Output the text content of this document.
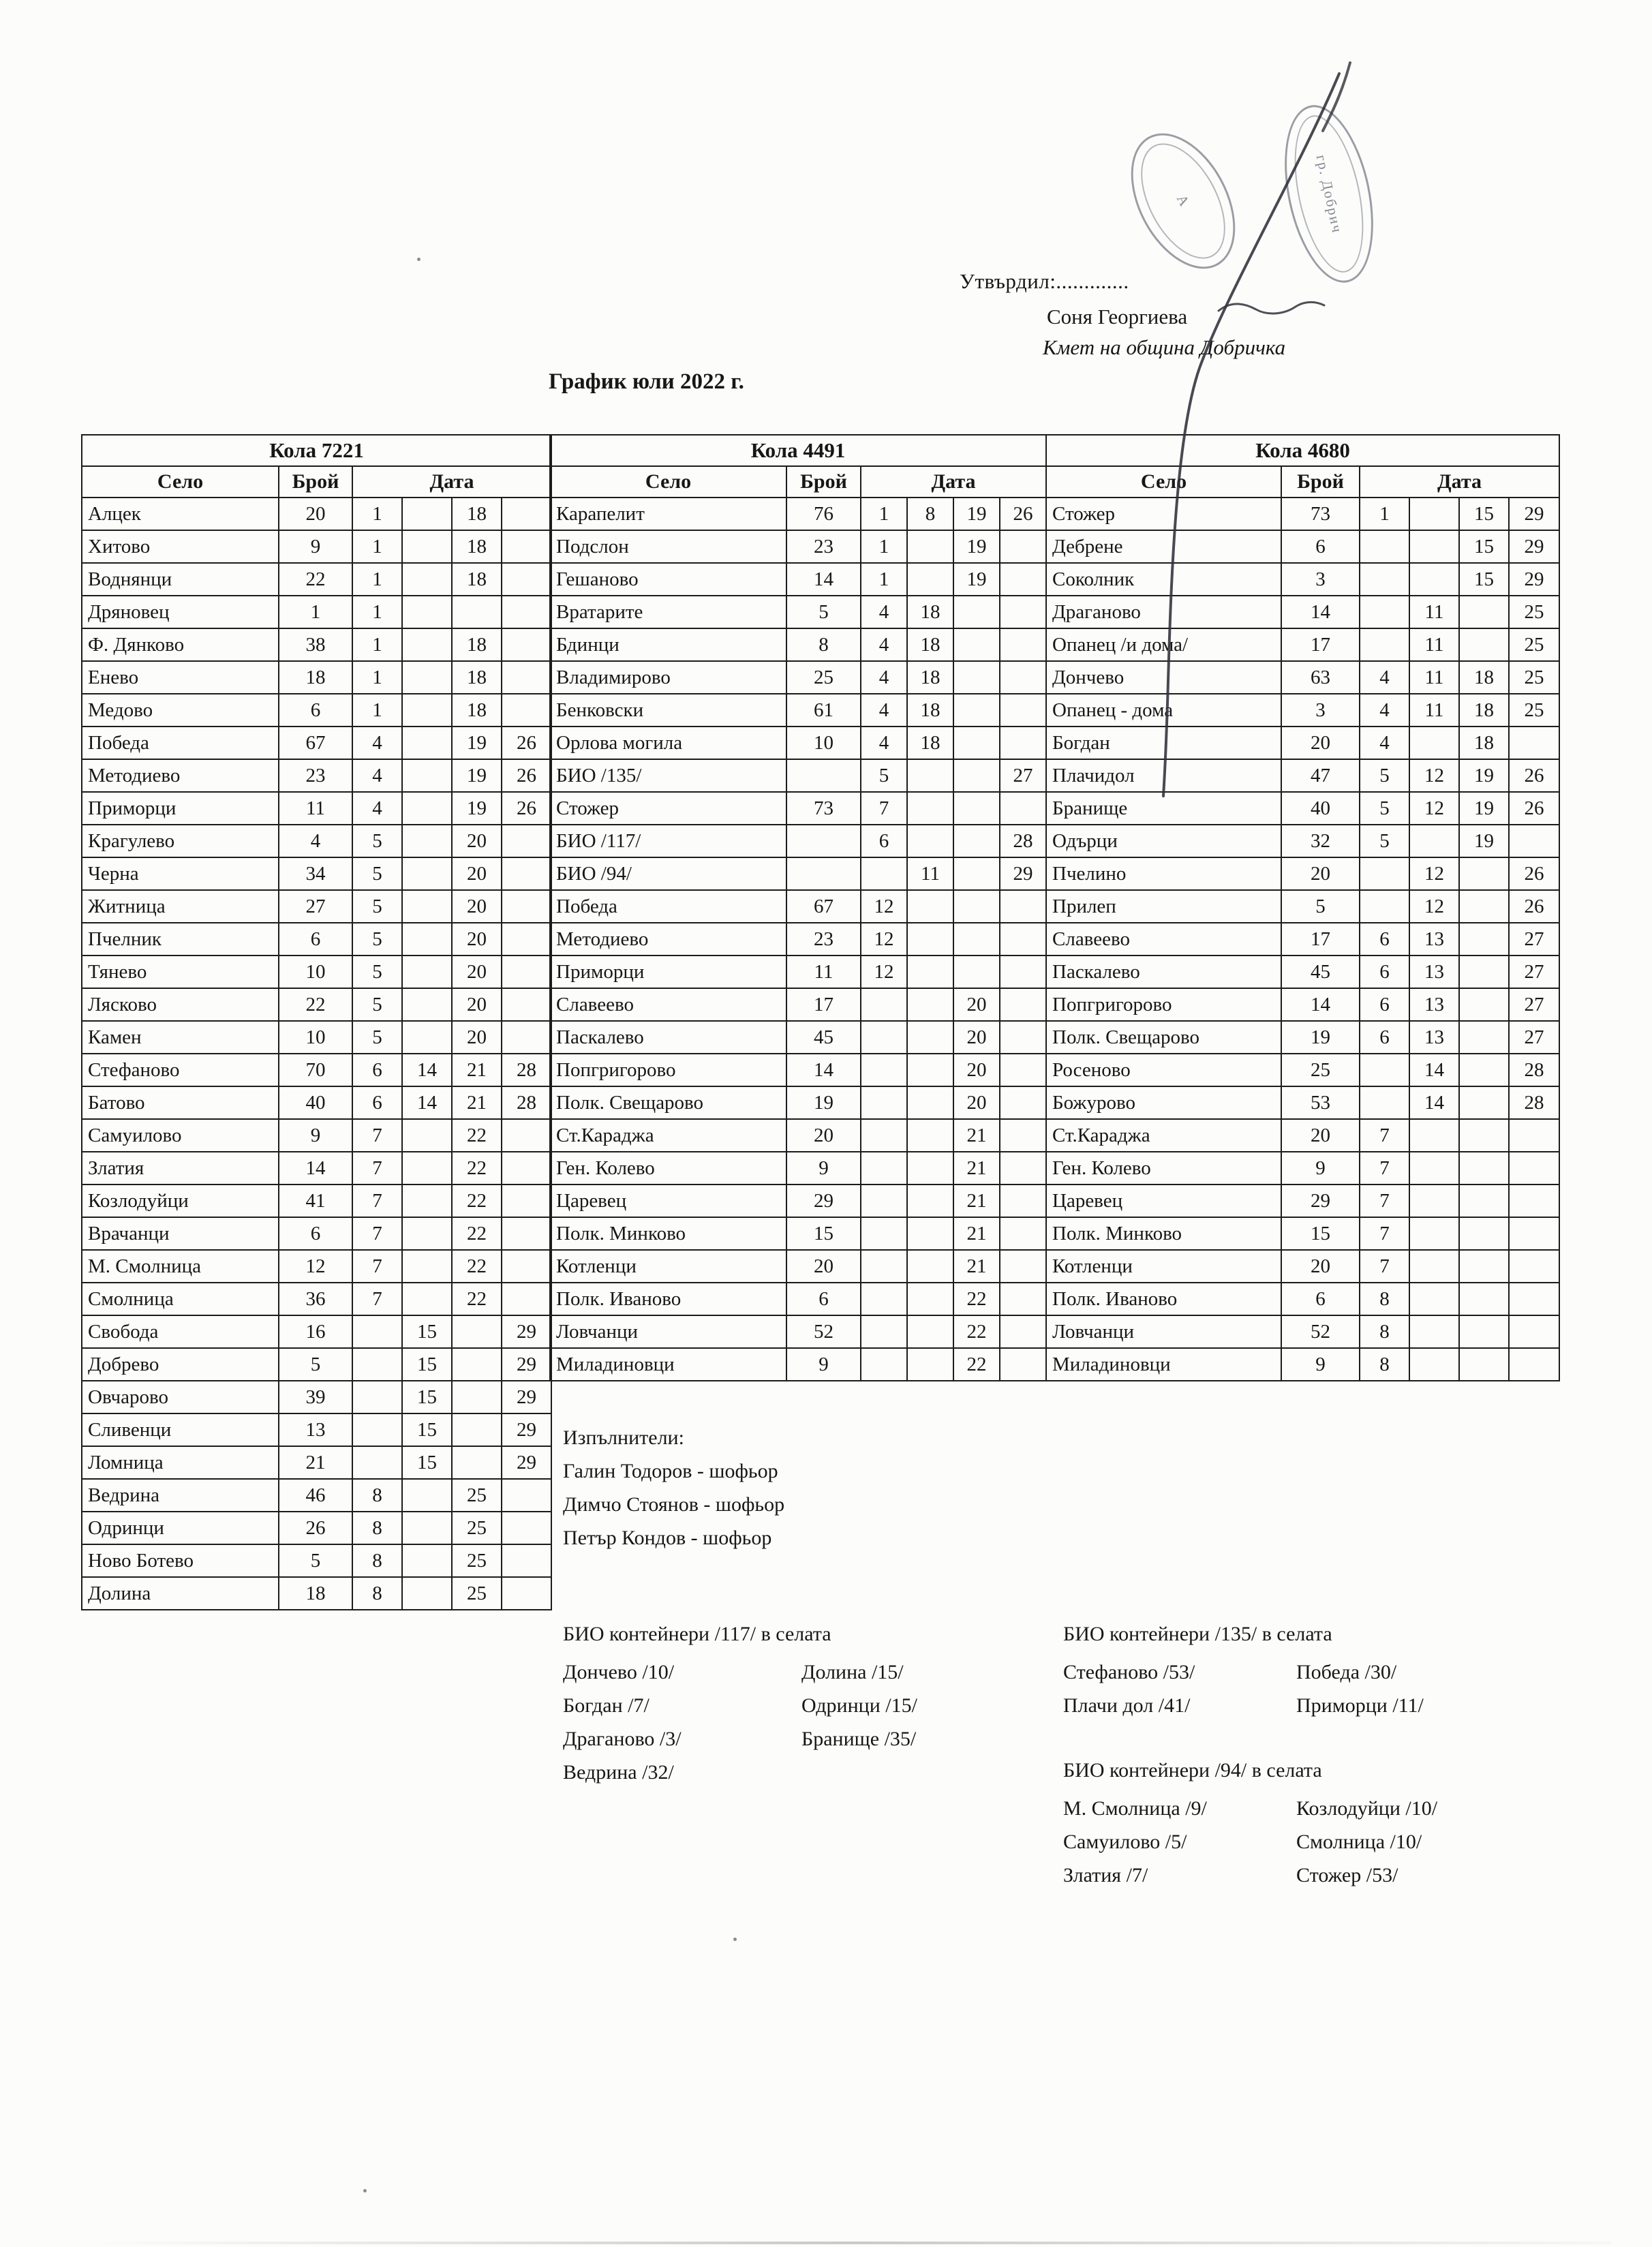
А	гр. Добрич
Утвърдил:.............
Соня Георгиева
Кмет на община Добричка
График юли 2022 г.
Кола 7221					
Село	Брой	Дата			
Алцек	20	1		18	
Хитово	9	1		18	
Воднянци	22	1		18	
Дряновец	1	1			
Ф. Дянково	38	1		18	
Енево	18	1		18	
Медово	6	1		18	
Победа	67	4		19	26
Методиево	23	4		19	26
Приморци	11	4		19	26
Крагулево	4	5		20	
Черна	34	5		20	
Житница	27	5		20	
Пчелник	6	5		20	
Тянево	10	5		20	
Лясково	22	5		20	
Камен	10	5		20	
Стефаново	70	6	14	21	28
Батово	40	6	14	21	28
Самуилово	9	7		22	
Златия	14	7		22	
Козлодуйци	41	7		22	
Врачанци	6	7		22	
М. Смолница	12	7		22	
Смолница	36	7		22	
Свобода	16		15		29
Добрево	5		15		29
Овчарово	39		15		29
Сливенци	13		15		29
Ломница	21		15		29
Ведрина	46	8		25	
Одринци	26	8		25	
Ново Ботево	5	8		25	
Долина	18	8		25	
Кола 4491					
Село	Брой	Дата			
Карапелит	76	1	8	19	26
Подслон	23	1		19	
Гешаново	14	1		19	
Вратарите	5	4	18		
Бдинци	8	4	18		
Владимирово	25	4	18		
Бенковски	61	4	18		
Орлова могила	10	4	18		
БИО /135/		5			27
Стожер	73	7			
БИО /117/		6			28
БИО /94/			11		29
Победа	67	12			
Методиево	23	12			
Приморци	11	12			
Славеево	17			20	
Паскалево	45			20	
Попгригорово	14			20	
Полк. Свещарово	19			20	
Ст.Караджа	20			21	
Ген. Колево	9			21	
Царевец	29			21	
Полк. Минково	15			21	
Котленци	20			21	
Полк. Иваново	6			22	
Ловчанци	52			22	
Миладиновци	9			22	
Кола 4680					
Село	Брой	Дата			
Стожер	73	1		15	29
Дебрене	6			15	29
Соколник	3			15	29
Драганово	14		11		25
Опанец /и дома/	17		11		25
Дончево	63	4	11	18	25
Опанец - дома	3	4	11	18	25
Богдан	20	4		18	
Плачидол	47	5	12	19	26
Бранище	40	5	12	19	26
Одърци	32	5		19	
Пчелино	20		12		26
Прилеп	5		12		26
Славеево	17	6	13		27
Паскалево	45	6	13		27
Попгригорово	14	6	13		27
Полк. Свещарово	19	6	13		27
Росеново	25		14		28
Божурово	53		14		28
Ст.Караджа	20	7			
Ген. Колево	9	7			
Царевец	29	7			
Полк. Минково	15	7			
Котленци	20	7			
Полк. Иваново	6	8			
Ловчанци	52	8			
Миладиновци	9	8			
Изпълнители:
Галин Тодоров - шофьор
Димчо Стоянов - шофьор
Петър Кондов - шофьор
БИО контейнери /117/ в селата
Дончево /10/	Долина /15/
Богдан /7/	Одринци /15/
Драганово /3/	Бранище /35/
Ведрина /32/
БИО контейнери /135/ в селата
Стефаново /53/	Победа /30/
Плачи дол /41/	Приморци /11/
БИО контейнери /94/ в селата
М. Смолница /9/	Козлодуйци /10/
Самуилово /5/	Смолница /10/
Златия /7/	Стожер /53/
